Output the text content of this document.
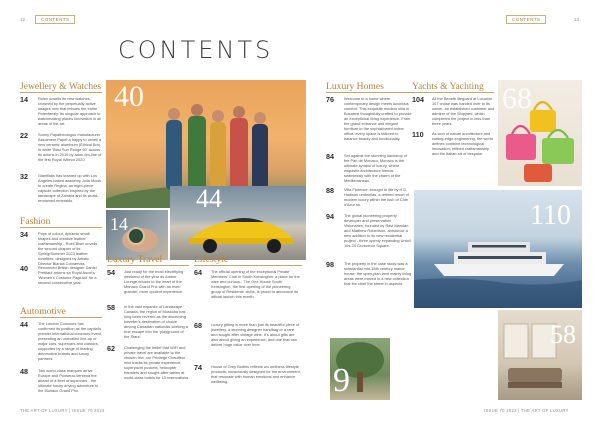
12	CONTENTS	CONTENTS	13
CONTENTS
Jewellery & Watches
14	Rolex unveils its new watches, crowned by the perpetually active images now that imbues the entire Rolexfamily. Its singular approach to watchmaking places innovation in all areas of the art.
22	Sunny Papatheologou manufacturer Assoiment Papet a happy to unveil a new ceramic aluminum (Ethical Bro) in white 'Blau Sun Rouge 50' across its unions in 2019 by adon-tim-line of the first Royal Wilmot 2020.
32	Gianfilidis has teamed up with Los Angeles-based academy Julia Modà to create Regina, an eight-piece capsule collection inspired by the landscape of Zambia and its world-renowned emeralds.
Fashion
34	Pops of colour, dynamic small shapes and creative leather craftsmanship - Roeil Bisei unveils the second chapter of its Spring/Summer 2023 leather novelties, designed by Artistic Director Bianca Conservita.
40	Renowned British designer Daniel Prettlaut adorns sa Royal Ascot's 'Women's Costume Pageant' for a second consecutive year.
Automotive
44	The London Concours has confirmed its position as the capital's premier international concours event, presenting an unrivalled line-up of major cars, supercars and classics, supported by a range of leading automotive brands and luxury partners.
48	Two world-class marques arrive Europe and Ponserai-Ventena the ahead of a fleet of supercars - the ultimate luxury driving adventure to the Monaco Grand Prix.
40
14
44
9
Luxury Travel
54 Just ready for the most electrifying weekend of the year as Amber Lounge returns to the heart of the Monaco Grand Prix with an even grander, more opulent experience.
58 In the vast expanse of Landscape Canada, the region of Muskoka has long been revered as the discerning traveller's destination of choice among Canadian nationals seeking a true escape into the 'playground of the Stars'.
62 Challenging the belief that WiFi and private travel are available to the chosen few, our Privilege Chauffeur mini tracks its private experience, superyacht pockets, helicopter transfers and sought-after tables at world-class hotels for 15 reservations.
Lifestyle
64 The official opening of the exceptional Private Members' Club in South Kensington: a place for the wise and curious - The One House South Kensington, the first opening of the pioneering group of Residents' clubs, is proud to announce its official launch this month.
68 Luxury gifting is more than just its beautiful piece of jewellery, a stunning designer handbag or a rare and sought after vintage wine. It's about gifts are also about giving an experience, and one that can deliver huge value over time.
74 House of Grey Bodhis reflects wu wellness lifestyle products, consciously designed for the environment, that resonate with human emotions and enhance wellbeing.
Luxury Homes
76	Welcome to a home where contemporary design meets luxurious comfort. This exquisite modern villa in Bucarest thoughtfully crafted to provide an exceptional living experience. From the grand entrance and elegant furniture to the sophisticated home office, every space is tailored to balance beauty and functionality.
84	Set against the stunning backdrop of the Pan de Monaco, Monaco is the ultimate symbol of luxury, where exquisite architecture blends seamlessly with the charm of the Mediterranean.
88	Villa Florence, brought to life by H.D. Hadison umbrellas, a refined resort of modern luxury within the lush of Côte d'Azur ss
94	The global pioneering property developer and preservation Visionaries, founded by Ravi Mandan and Matthew Robertson, announce a new addition to its new residential project - three openly expanding Untoll 10s-24 Grosvenor Square.
98	The property in the case study was a substantial mid-18th century manor house: the open-plan land mainly living areas were moved in a new collection that the chief the street in aspects.
Yachts & Yachting
104 All the Benetti lifeguard at Luxurion 107 cruise was handed over to its owner, an established customer and admirer of the Shipyard, which completed the project in less than three years.
110 As icon of nature architecture and cutting-edge engineering, the world defines combine technological innovation, refined craftsmanship and the Italian art of bespoke.
68
110
58
THE ART OF LUXURY | ISSUE 70 2023	ISSUE 70 2023 | THE ART OF LUXURY
